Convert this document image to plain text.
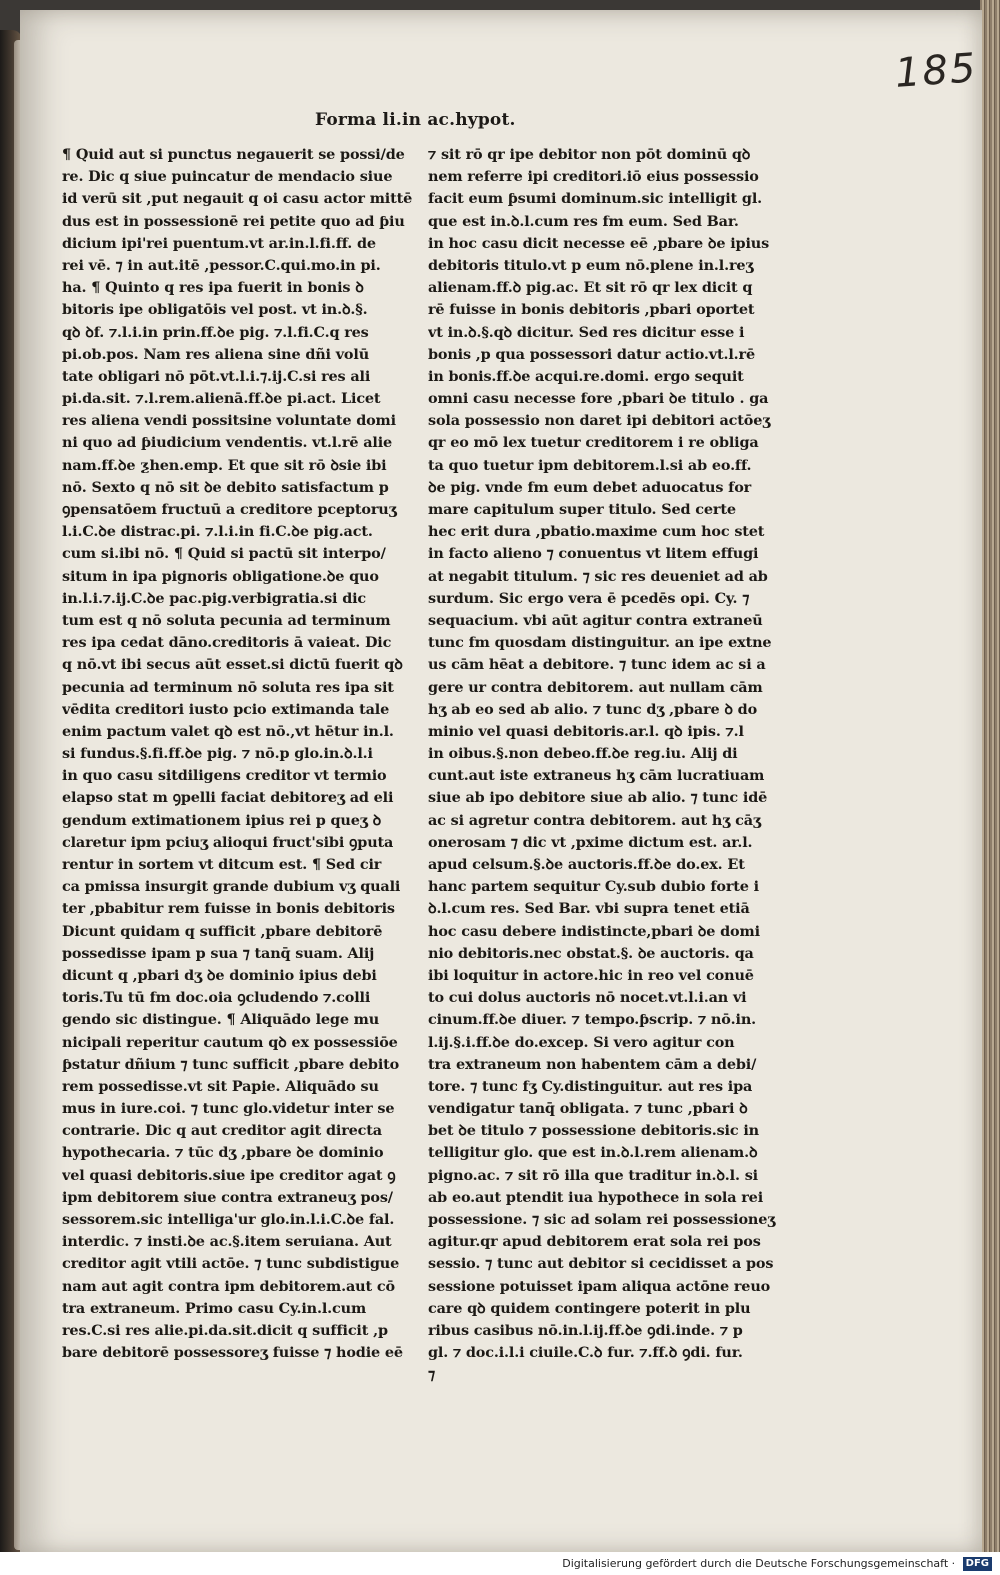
185
Forma li.in ac.hypot.
¶ Quid aut si punctus negauerit se possi/de
re. Dic q siue puincatur de mendacio siue
id verū sit ,put negauit q oi casu actor mittē
dus est in possessionē rei petite quo ad ƥiu
dicium ipi'rei puentum.vt ar.in.l.fi.ff. de
rei vē. ⁊ in aut.itē ,pessor.C.qui.mo.in pi.
ha. ¶ Quinto q res ipa fuerit in bonis ꝺ
bitoris ipe obligatōis vel post. vt in.ꝺ.§.
qꝺ ꝺf. ⁊.l.i.in prin.ff.ꝺe pig. ⁊.l.fi.C.q res
pi.ob.pos. Nam res aliena sine dñi volū
tate obligari nō pōt.vt.l.i.⁊.ij.C.si res ali
pi.da.sit. ⁊.l.rem.alienā.ff.ꝺe pi.act. Licet
res aliena vendi possitsine voluntate domi
ni quo ad ƥiudicium vendentis. vt.l.rē alie
nam.ff.ꝺe ƺhen.emp. Et que sit rō ꝺsie ibi
nō. Sexto q nō sit ꝺe debito satisfactum p
ꝯpensatōem fructuū a creditore pceptoruʒ
l.i.C.ꝺe distrac.pi. ⁊.l.i.in fi.C.ꝺe pig.act.
cum si.ibi nō. ¶ Quid si pactū sit interpo/
situm in ipa pignoris obligatione.ꝺe quo
in.l.i.⁊.ij.C.ꝺe pac.pig.verbigratia.si dic
tum est q nō soluta pecunia ad terminum
res ipa cedat dāno.creditoris ā vaieat. Dic
q nō.vt ibi secus aūt esset.si dictū fuerit qꝺ
pecunia ad terminum nō soluta res ipa sit
vēdita creditori iusto pcio extimanda tale
enim pactum valet qꝺ est nō.,vt hētur in.l.
si fundus.§.fi.ff.ꝺe pig. ⁊ nō.p glo.in.ꝺ.l.i
in quo casu sitdiligens creditor vt termio
elapso stat m ꝯpelli faciat debitoreʒ ad eli
gendum extimationem ipius rei p queʒ ꝺ
claretur ipm pciuʒ alioqui fruct'sibi ꝯputa
rentur in sortem vt ditcum est. ¶ Sed cir
ca pmissa insurgit grande dubium vʒ quali
ter ,pbabitur rem fuisse in bonis debitoris
Dicunt quidam q sufficit ,pbare debitorē
possedisse ipam p sua ⁊ tanq̄ suam. Alij
dicunt q ,pbari dʒ ꝺe dominio ipius debi
toris.Tu tū fm doc.oia ꝯcludendo ⁊.colli
gendo sic distingue. ¶ Aliquādo lege mu
nicipali reperitur cautum qꝺ ex possessiōe
ƥstatur dñium ⁊ tunc sufficit ,pbare debito
rem possedisse.vt sit Papie. Aliquādo su
mus in iure.coi. ⁊ tunc glo.videtur inter se
contrarie. Dic q aut creditor agit directa
hypothecaria. ⁊ tūc dʒ ,pbare ꝺe dominio
vel quasi debitoris.siue ipe creditor agat ꝯ
ipm debitorem siue contra extraneuʒ pos/
sessorem.sic intelliga'ur glo.in.l.i.C.ꝺe fal.
interdic. ⁊ insti.ꝺe ac.§.item seruiana. Aut
creditor agit vtili actōe. ⁊ tunc subdistigue
nam aut agit contra ipm debitorem.aut cō
tra extraneum. Primo casu Cy.in.l.cum
res.C.si res alie.pi.da.sit.dicit q sufficit ,p
bare debitorē possessoreʒ fuisse ⁊ hodie eē
⁊ sit rō qr ipe debitor non pōt dominū qꝺ
nem referre ipi creditori.iō eius possessio
facit eum ƥsumi dominum.sic intelligit gl.
que est in.ꝺ.l.cum res fm eum. Sed Bar.
in hoc casu dicit necesse eē ,pbare ꝺe ipius
debitoris titulo.vt p eum nō.plene in.l.reʒ
alienam.ff.ꝺ pig.ac. Et sit rō qr lex dicit q
rē fuisse in bonis debitoris ,pbari oportet
vt in.ꝺ.§.qꝺ dicitur. Sed res dicitur esse i
bonis ,p qua possessori datur actio.vt.l.rē
in bonis.ff.ꝺe acqui.re.domi. ergo sequit
omni casu necesse fore ,pbari ꝺe titulo . ga
sola possessio non daret ipi debitori actōeʒ
qr eo mō lex tuetur creditorem i re obliga
ta quo tuetur ipm debitorem.l.si ab eo.ff.
ꝺe pig. vnde fm eum debet aduocatus for
mare capitulum super titulo. Sed certe
hec erit dura ,pbatio.maxime cum hoc stet
in facto alieno ⁊ conuentus vt litem effugi
at negabit titulum. ⁊ sic res deueniet ad ab
surdum. Sic ergo vera ē pcedēs opi. Cy. ⁊
sequacium. vbi aūt agitur contra extraneū
tunc fm quosdam distinguitur. an ipe extne
us cām hēat a debitore. ⁊ tunc idem ac si a
gere ur contra debitorem. aut nullam cām
hʒ ab eo sed ab alio. ⁊ tunc dʒ ,pbare ꝺ do
minio vel quasi debitoris.ar.l. qꝺ ipis. ⁊.l
in oibus.§.non debeo.ff.ꝺe reg.iu. Alij di
cunt.aut iste extraneus hʒ cām lucratiuam
siue ab ipo debitore siue ab alio. ⁊ tunc idē
ac si agretur contra debitorem. aut hʒ cāʒ
onerosam ⁊ dic vt ,pxime dictum est. ar.l.
apud celsum.§.ꝺe auctoris.ff.ꝺe do.ex. Et
hanc partem sequitur Cy.sub dubio forte i
ꝺ.l.cum res. Sed Bar. vbi supra tenet etiā
hoc casu debere indistincte,pbari ꝺe domi
nio debitoris.nec obstat.§. ꝺe auctoris. qa
ibi loquitur in actore.hic in reo vel conuē
to cui dolus auctoris nō nocet.vt.l.i.an vi
cinum.ff.ꝺe diuer. ⁊ tempo.ƥscrip. ⁊ nō.in.
l.ij.§.i.ff.ꝺe do.excep. Si vero agitur con
tra extraneum non habentem cām a debi/
tore. ⁊ tunc fʒ Cy.distinguitur. aut res ipa
vendigatur tanq̄ obligata. ⁊ tunc ,pbari ꝺ
bet ꝺe titulo ⁊ possessione debitoris.sic in
telligitur glo. que est in.ꝺ.l.rem alienam.ꝺ
pigno.ac. ⁊ sit rō illa que traditur in.ꝺ.l. si
ab eo.aut ptendit iua hypothece in sola rei
possessione. ⁊ sic ad solam rei possessioneʒ
agitur.qr apud debitorem erat sola rei pos
sessio. ⁊ tunc aut debitor si cecidisset a pos
sessione potuisset ipam aliqua actōne reuo
care qꝺ quidem contingere poterit in plu
ribus casibus nō.in.l.ij.ff.ꝺe ꝯdi.inde. ⁊ p
gl. ⁊ doc.i.l.i ciuile.C.ꝺ fur. ⁊.ff.ꝺ ꝯdi. fur.
⁊
Digitalisierung gefördert durch die Deutsche Forschungsgemeinschaft · DFG
